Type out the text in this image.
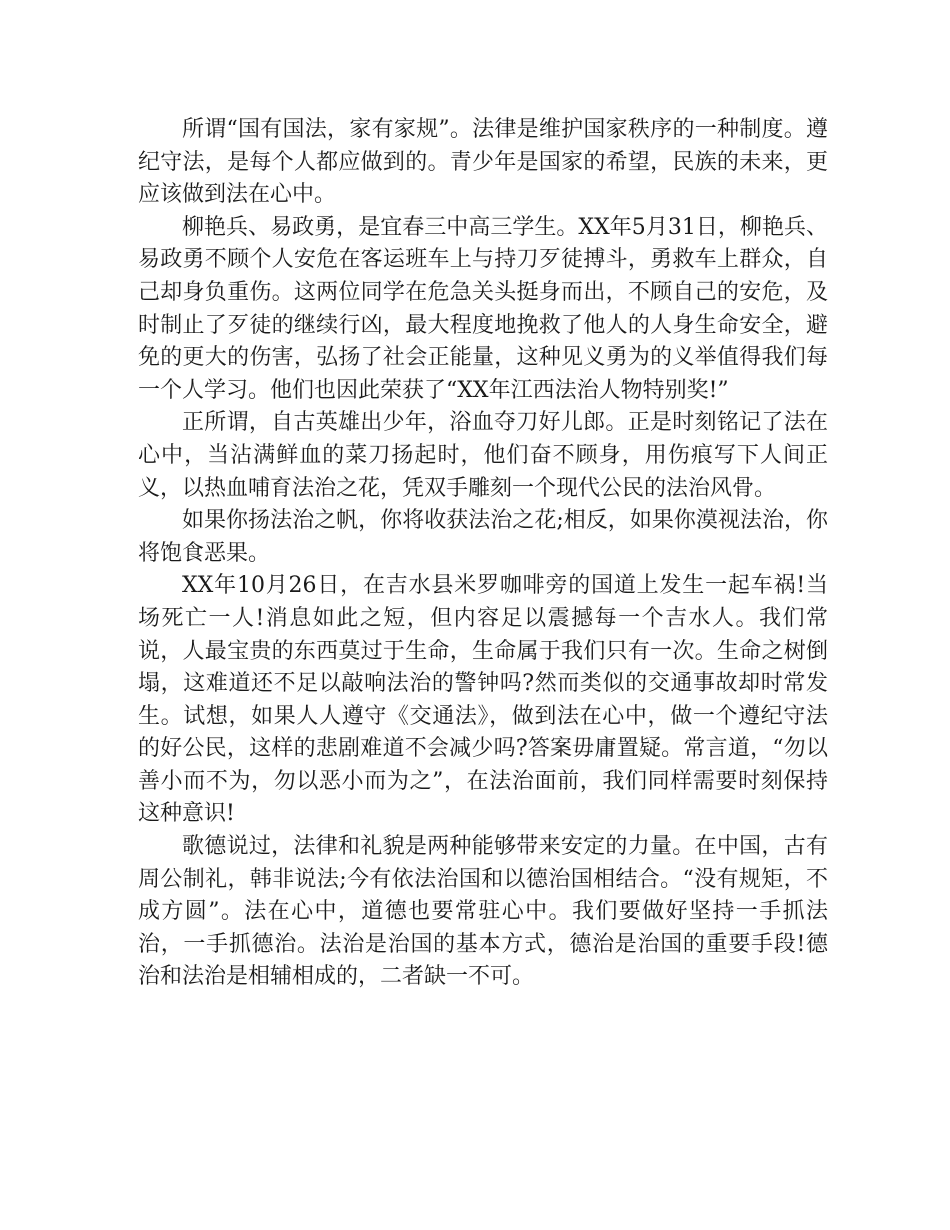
所谓“国有国法，家有家规”。法律是维护国家秩序的一种制度。遵纪守法，是每个人都应做到的。青少年是国家的希望，民族的未来，更应该做到法在心中。

柳艳兵、易政勇，是宜春三中高三学生。XX年5月31日，柳艳兵、易政勇不顾个人安危在客运班车上与持刀歹徒搏斗，勇救车上群众，自己却身负重伤。这两位同学在危急关头挺身而出，不顾自己的安危，及时制止了歹徒的继续行凶，最大程度地挽救了他人的人身生命安全，避免的更大的伤害，弘扬了社会正能量，这种见义勇为的义举值得我们每一个人学习。他们也因此荣获了“XX年江西法治人物特别奖!”

正所谓，自古英雄出少年，浴血夺刀好儿郎。正是时刻铭记了法在心中，当沾满鲜血的菜刀扬起时，他们奋不顾身，用伤痕写下人间正义，以热血哺育法治之花，凭双手雕刻一个现代公民的法治风骨。

如果你扬法治之帆，你将收获法治之花;相反，如果你漠视法治，你将饱食恶果。

XX年10月26日，在吉水县米罗咖啡旁的国道上发生一起车祸!当场死亡一人!消息如此之短，但内容足以震撼每一个吉水人。我们常说，人最宝贵的东西莫过于生命，生命属于我们只有一次。生命之树倒塌，这难道还不足以敲响法治的警钟吗?然而类似的交通事故却时常发生。试想，如果人人遵守《交通法》，做到法在心中，做一个遵纪守法的好公民，这样的悲剧难道不会减少吗?答案毋庸置疑。常言道，“勿以善小而不为，勿以恶小而为之”，在法治面前，我们同样需要时刻保持这种意识!

歌德说过，法律和礼貌是两种能够带来安定的力量。在中国，古有周公制礼，韩非说法;今有依法治国和以德治国相结合。“没有规矩，不成方圆”。法在心中，道德也要常驻心中。我们要做好坚持一手抓法治，一手抓德治。法治是治国的基本方式，德治是治国的重要手段!德治和法治是相辅相成的，二者缺一不可。
